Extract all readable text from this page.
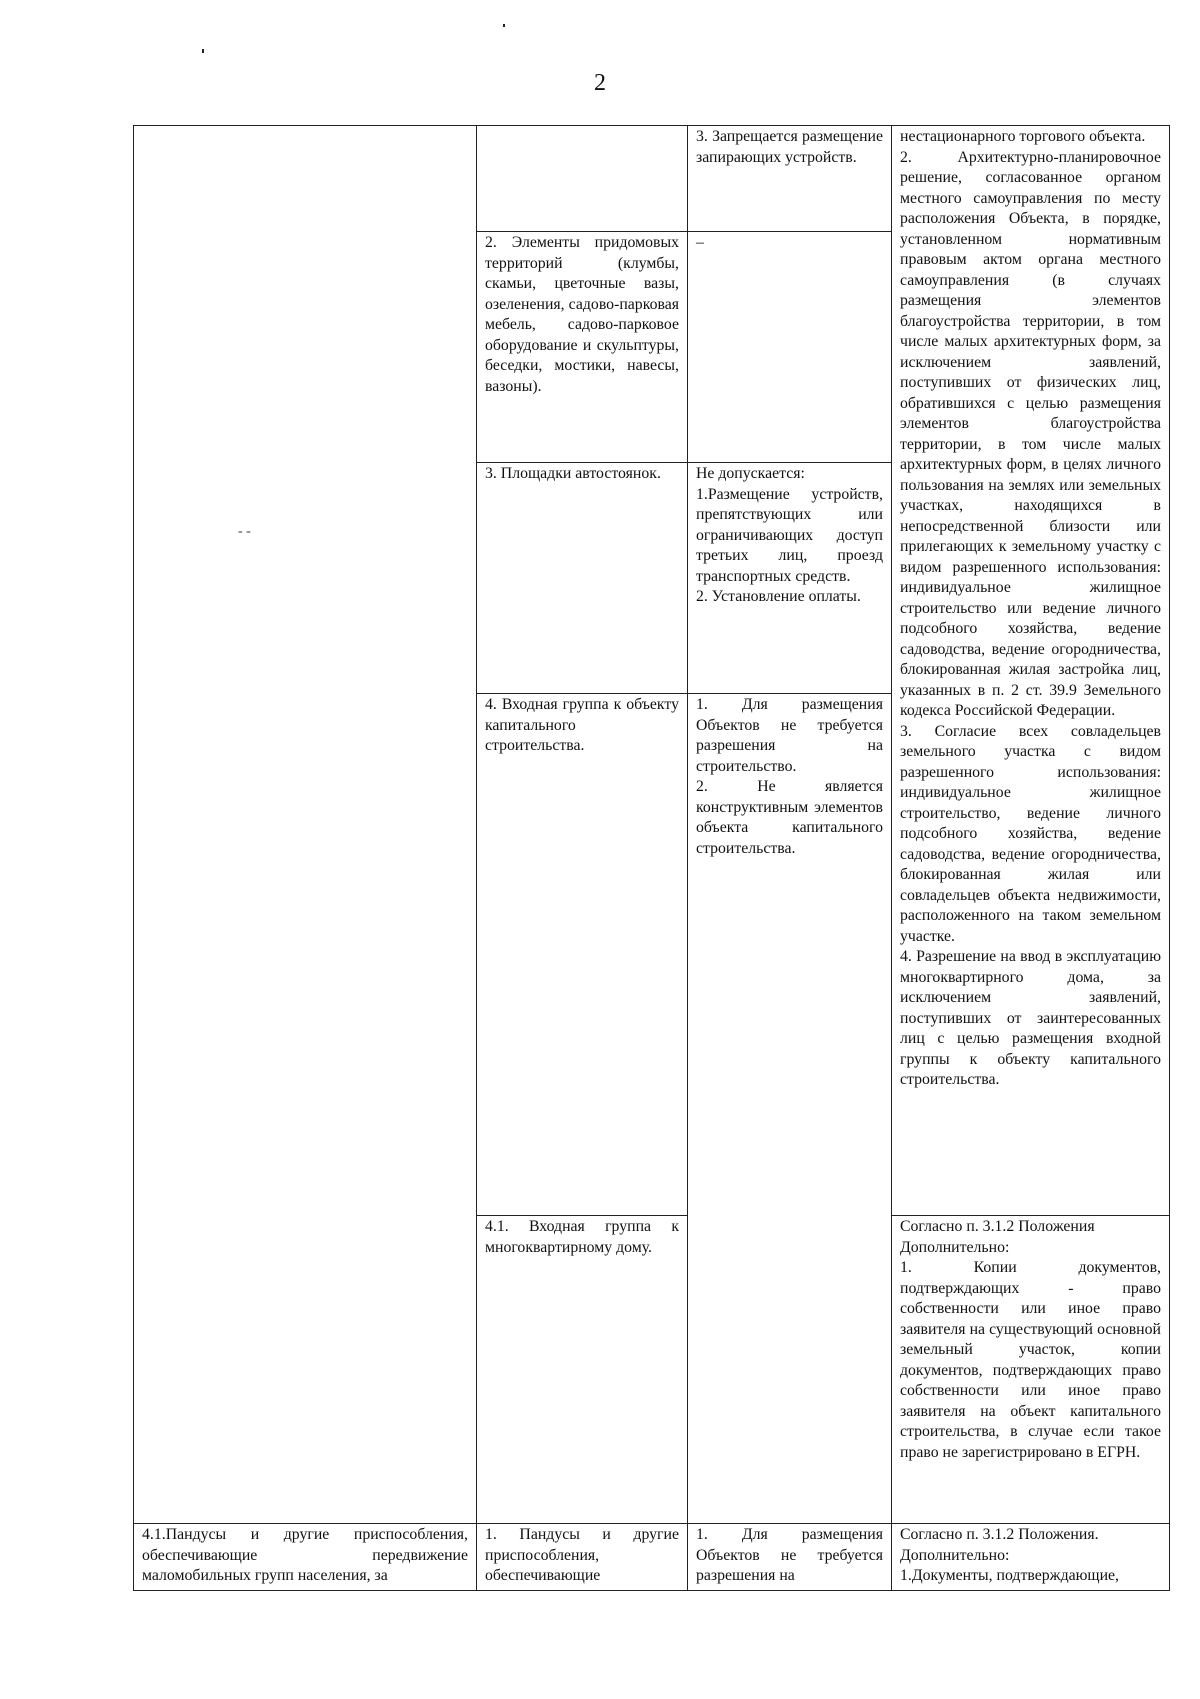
2
		3. Запрещается размещение запирающих устройств.	нестационарного торгового объекта.
2. Архитектурно-планировочное решение, согласованное органом местного самоуправления по месту расположения Объекта, в порядке, установленном нормативным правовым актом органа местного самоуправления (в случаях размещения элементов благоустройства территории, в том числе малых архитектурных форм, за исключением заявлений, поступивших от физических лиц, обратившихся с целью размещения элементов благоустройства территории, в том числе малых архитектурных форм, в целях личного пользования на землях или земельных участках, находящихся в непосредственной близости или прилегающих к земельному участку с видом разрешенного использования: индивидуальное жилищное строительство или ведение личного подсобного хозяйства, ведение садоводства, ведение огородничества, блокированная жилая застройка лиц, указанных в п. 2 ст. 39.9 Земельного кодекса Российской Федерации.
3. Согласие всех совладельцев земельного участка с видом разрешенного использования: индивидуальное жилищное строительство, ведение личного подсобного хозяйства, ведение садоводства, ведение огородничества, блокированная жилая или совладельцев объекта недвижимости, расположенного на таком земельном участке.
4. Разрешение на ввод в эксплуатацию многоквартирного дома, за исключением заявлений, поступивших от заинтересованных лиц с целью размещения входной группы к объекту капитального строительства.
	2. Элементы придомовых территорий (клумбы, скамьи, цветочные вазы, озеленения, садово-парковая мебель, садово-парковое оборудование и скульптуры, беседки, мостики, навесы, вазоны).	–	
	3. Площадки автостоянок.	Не допускается:
1.Размещение устройств, препятствующих или ограничивающих доступ третьих лиц, проезд транспортных средств.
2. Установление оплаты.	
	4. Входная группа к объекту капитального строительства.	1. Для размещения Объектов не требуется разрешения на строительство.
2. Не является конструктивным элементов объекта капитального строительства.	
	4.1. Входная группа к многоквартирному дому.		Согласно п. 3.1.2 Положения
Дополнительно:
1. Копии документов, подтверждающих - право собственности или иное право заявителя на существующий основной земельный участок, копии документов, подтверждающих право собственности или иное право заявителя на объект капитального строительства, в случае если такое право не зарегистрировано в ЕГРН.
4.1.Пандусы и другие приспособления, обеспечивающие передвижение маломобильных групп населения, за	1. Пандусы и другие приспособления, обеспечивающие	1. Для размещения Объектов не требуется разрешения на	Согласно п. 3.1.2 Положения.
Дополнительно:
1.Документы, подтверждающие,
- -
